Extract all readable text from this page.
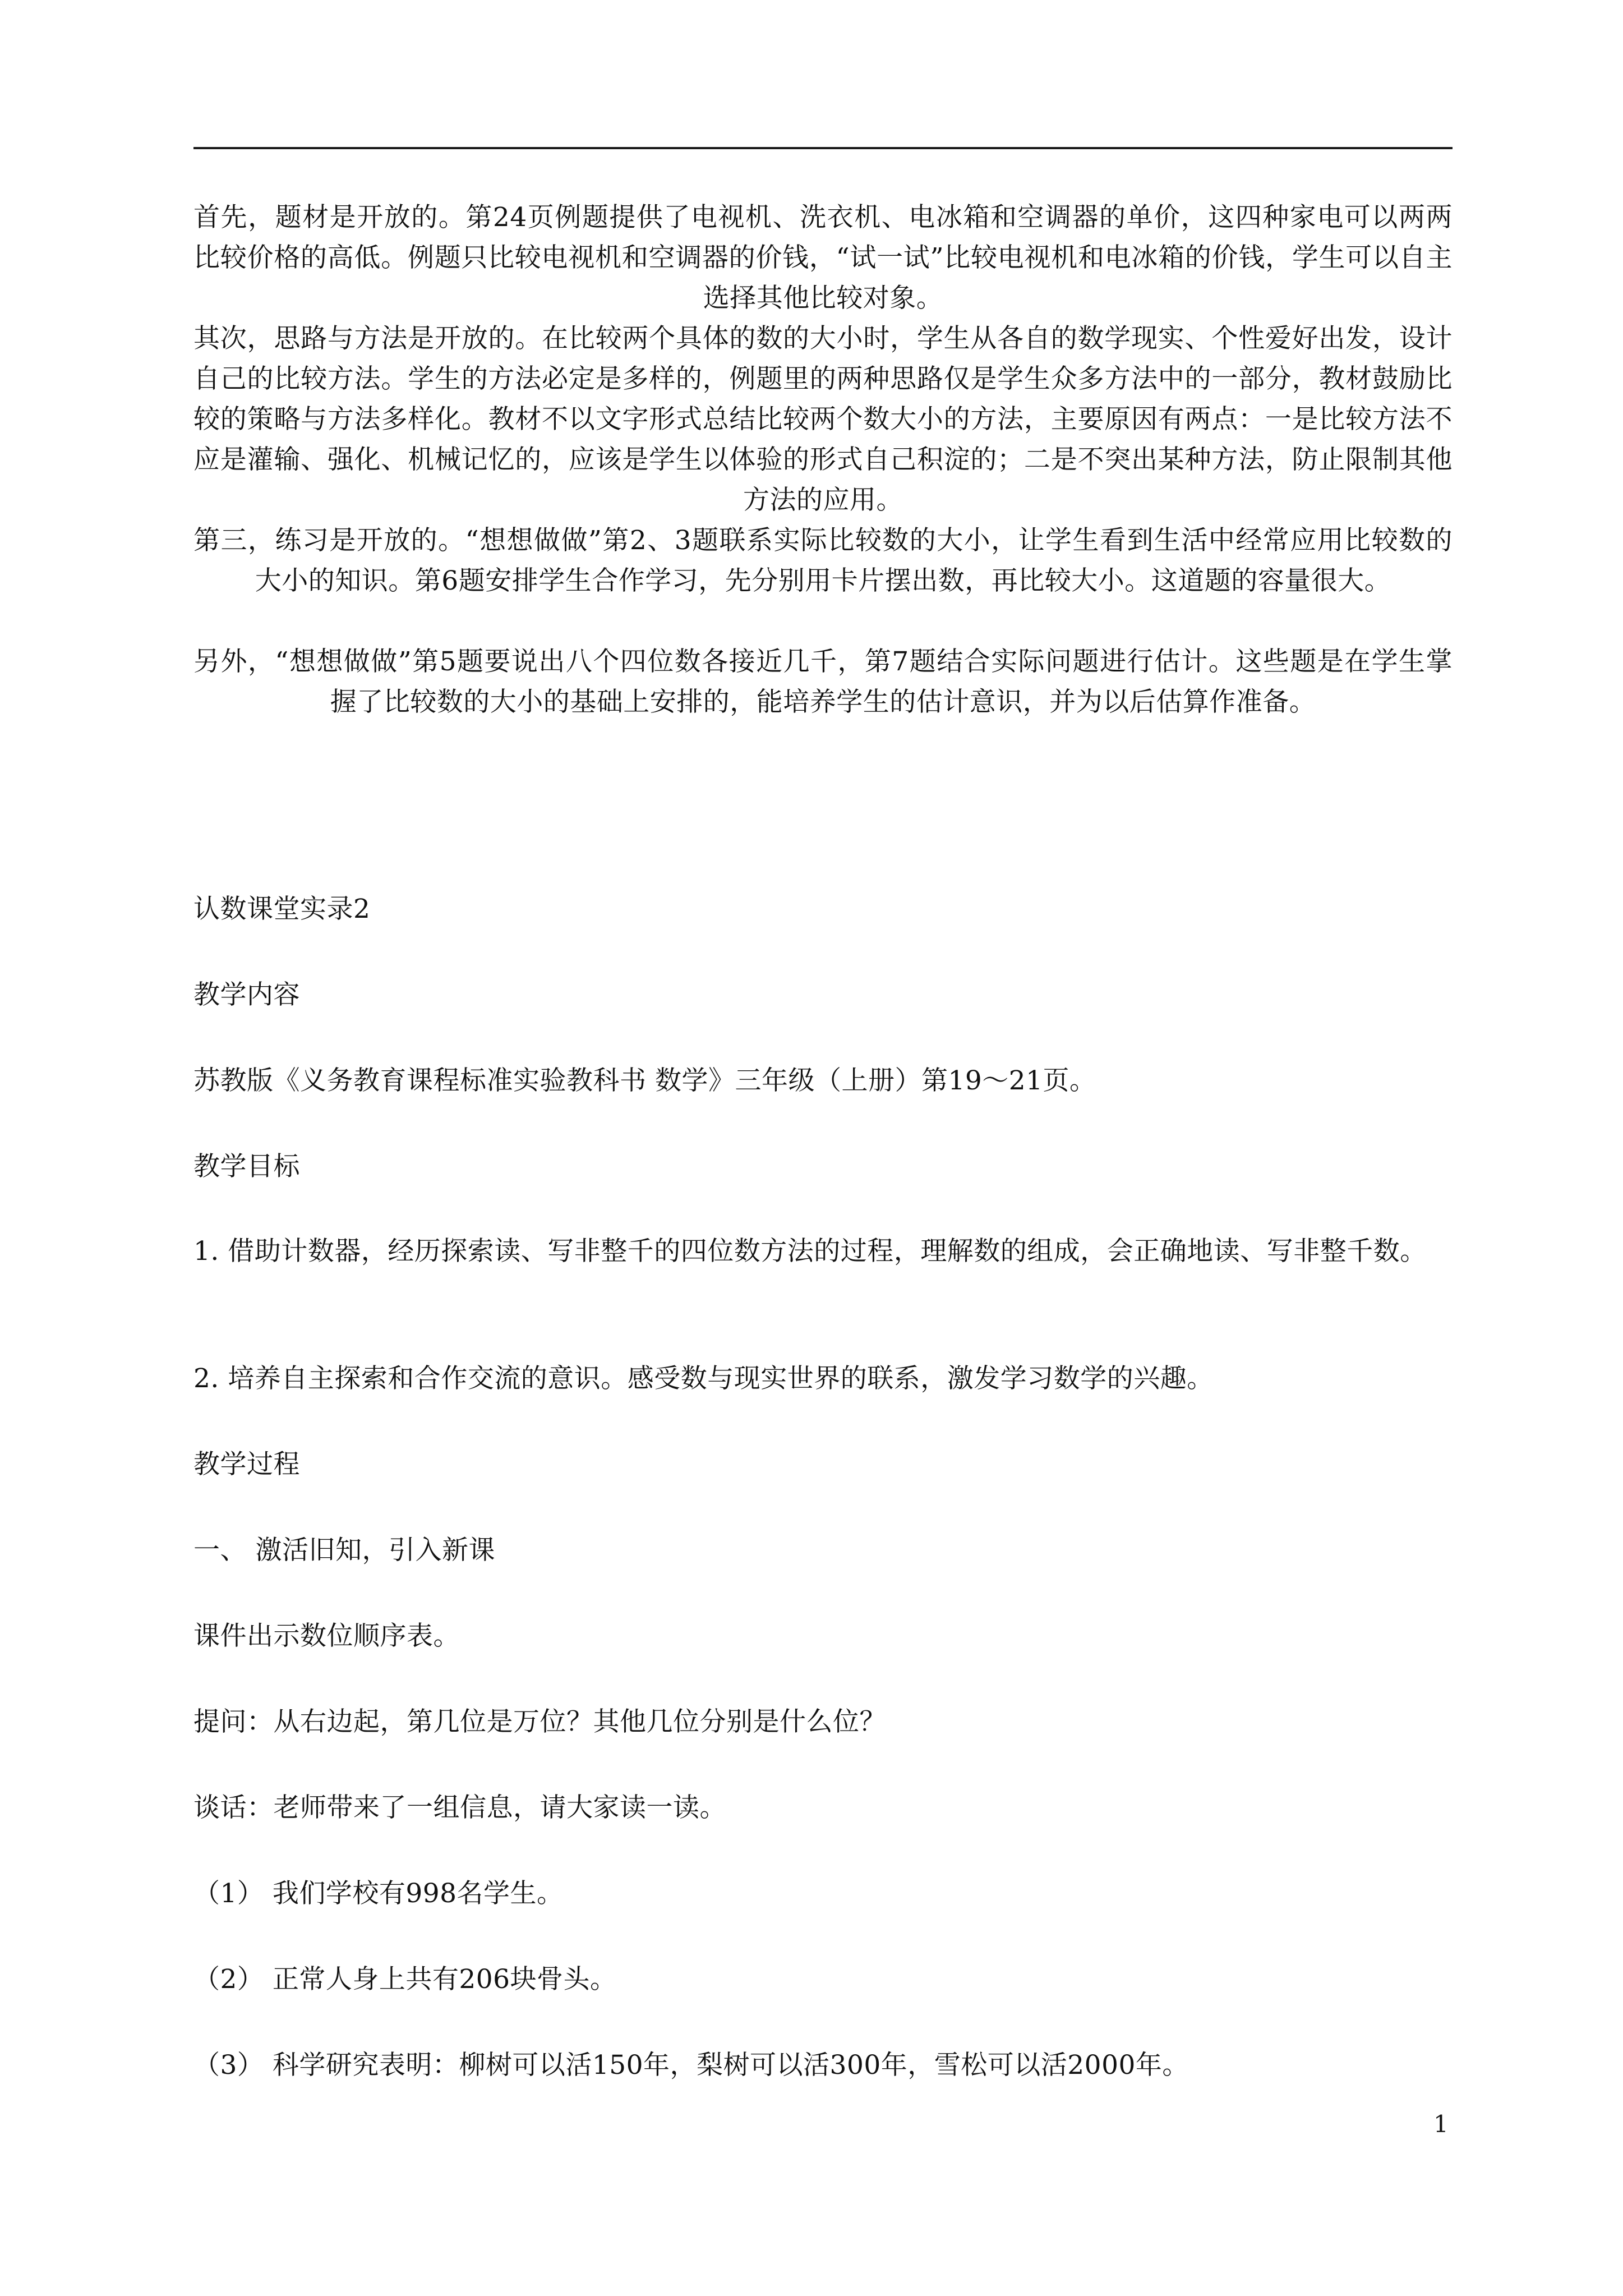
首先，题材是开放的。第24页例题提供了电视机、洗衣机、电冰箱和空调器的单价，这四种家电可以两两比较价格的高低。例题只比较电视机和空调器的价钱，“试一试”比较电视机和电冰箱的价钱，学生可以自主选择其他比较对象。
其次，思路与方法是开放的。在比较两个具体的数的大小时，学生从各自的数学现实、个性爱好出发，设计自己的比较方法。学生的方法必定是多样的，例题里的两种思路仅是学生众多方法中的一部分，教材鼓励比较的策略与方法多样化。教材不以文字形式总结比较两个数大小的方法，主要原因有两点：一是比较方法不应是灌输、强化、机械记忆的，应该是学生以体验的形式自己积淀的；二是不突出某种方法，防止限制其他方法的应用。
第三，练习是开放的。“想想做做”第2、3题联系实际比较数的大小，让学生看到生活中经常应用比较数的大小的知识。第6题安排学生合作学习，先分别用卡片摆出数，再比较大小。这道题的容量很大。
另外，“想想做做”第5题要说出八个四位数各接近几千，第7题结合实际问题进行估计。这些题是在学生掌握了比较数的大小的基础上安排的，能培养学生的估计意识，并为以后估算作准备。
认数课堂实录2
教学内容
苏教版《义务教育课程标准实验教科书 数学》三年级（上册）第19～21页。
教学目标
1. 借助计数器，经历探索读、写非整千的四位数方法的过程，理解数的组成，会正确地读、写非整千数。
2. 培养自主探索和合作交流的意识。感受数与现实世界的联系，激发学习数学的兴趣。
教学过程
一、 激活旧知，引入新课
课件出示数位顺序表。
提问：从右边起，第几位是万位？其他几位分别是什么位？
谈话：老师带来了一组信息，请大家读一读。
（1） 我们学校有998名学生。
（2） 正常人身上共有206块骨头。
（3） 科学研究表明：柳树可以活150年，梨树可以活300年，雪松可以活2000年。
1
